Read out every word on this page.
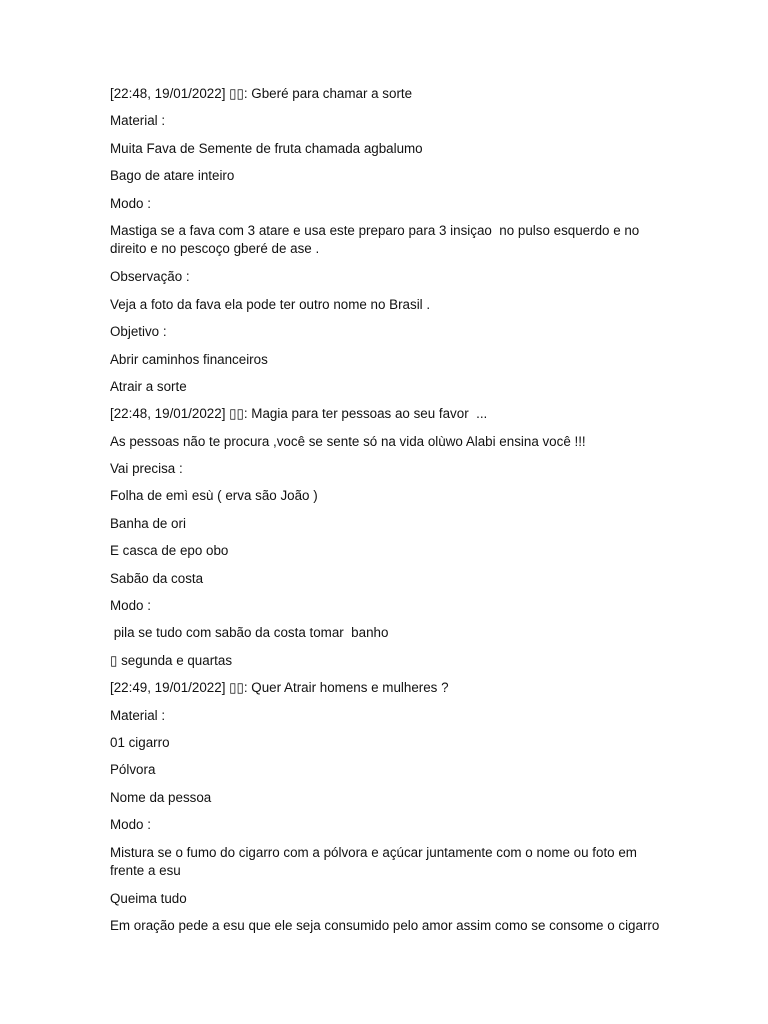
[22:48, 19/01/2022] ▯▯: Gberé para chamar a sorte

Material :

Muita Fava de Semente de fruta chamada agbalumo

Bago de atare inteiro

Modo :

Mastiga se a fava com 3 atare e usa este preparo para 3 insiçao  no pulso esquerdo e no direito e no pescoço gberé de ase .

Observação :

Veja a foto da fava ela pode ter outro nome no Brasil .

Objetivo :

Abrir caminhos financeiros

Atrair a sorte

[22:48, 19/01/2022] ▯▯: Magia para ter pessoas ao seu favor  ...

As pessoas não te procura ,você se sente só na vida olùwo Alabi ensina você !!!

Vai precisa :

Folha de emì esù ( erva são João )

Banha de ori

E casca de epo obo

Sabão da costa

Modo :

pila se tudo com sabão da costa tomar  banho

▯ segunda e quartas

[22:49, 19/01/2022] ▯▯: Quer Atrair homens e mulheres ?

Material :

01 cigarro

Pólvora

Nome da pessoa

Modo :

Mistura se o fumo do cigarro com a pólvora e açúcar juntamente com o nome ou foto em frente a esu

Queima tudo

Em oração pede a esu que ele seja consumido pelo amor assim como se consome o cigarro
